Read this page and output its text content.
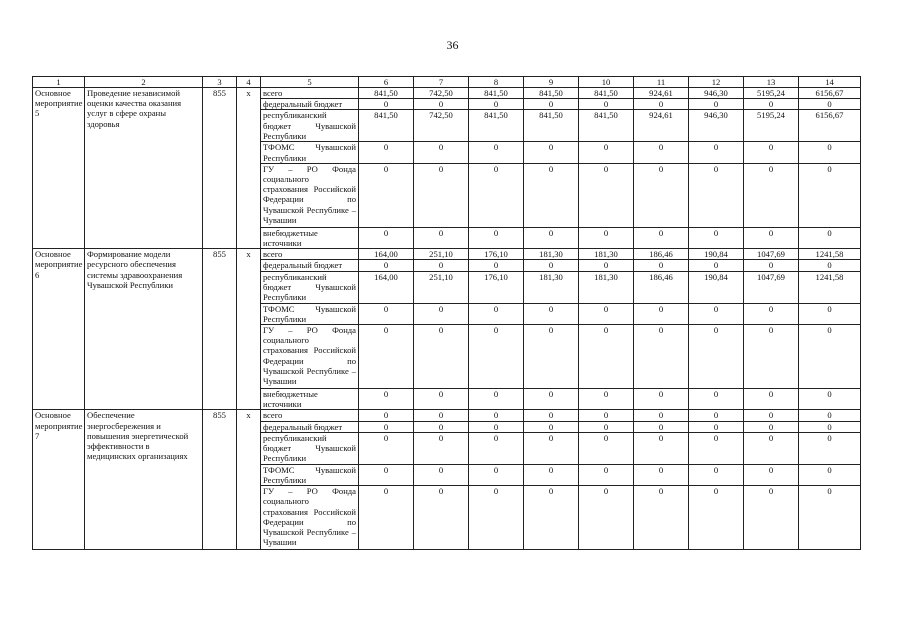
36
1	2	3	4	5	6	7	8	9	10	11	12	13	14
Основное мероприятие 5	Проведение независимой оценки качества оказания услуг в сфере охраны здоровья	855	x	всего	841,50	742,50	841,50	841,50	841,50	924,61	946,30	5195,24	6156,67
				федеральный бюджет	0	0	0	0	0	0	0	0	0
				республиканский бюджет Чувашской Республики	841,50	742,50	841,50	841,50	841,50	924,61	946,30	5195,24	6156,67
				ТФОМС Чувашской Республики	0	0	0	0	0	0	0	0	0
				ГУ – РО Фонда социального страхования Российской Федерации по Чувашской Республике – Чувашии	0	0	0	0	0	0	0	0	0
				внебюджетные источники	0	0	0	0	0	0	0	0	0
Основное мероприятие 6	Формирование модели ресурсного обеспечения системы здравоохранения Чувашской Республики	855	x	всего	164,00	251,10	176,10	181,30	181,30	186,46	190,84	1047,69	1241,58
				федеральный бюджет	0	0	0	0	0	0	0	0	0
				республиканский бюджет Чувашской Республики	164,00	251,10	176,10	181,30	181,30	186,46	190,84	1047,69	1241,58
				ТФОМС Чувашской Республики	0	0	0	0	0	0	0	0	0
				ГУ – РО Фонда социального страхования Российской Федерации по Чувашской Республике – Чувашии	0	0	0	0	0	0	0	0	0
				внебюджетные источники	0	0	0	0	0	0	0	0	0
Основное мероприятие 7	Обеспечение энергосбережения и повышения энергетической эффективности в медицинских организациях	855	x	всего	0	0	0	0	0	0	0	0	0
				федеральный бюджет	0	0	0	0	0	0	0	0	0
				республиканский бюджет Чувашской Республики	0	0	0	0	0	0	0	0	0
				ТФОМС Чувашской Республики	0	0	0	0	0	0	0	0	0
				ГУ – РО Фонда социального страхования Российской Федерации по Чувашской Республике – Чувашии	0	0	0	0	0	0	0	0	0
